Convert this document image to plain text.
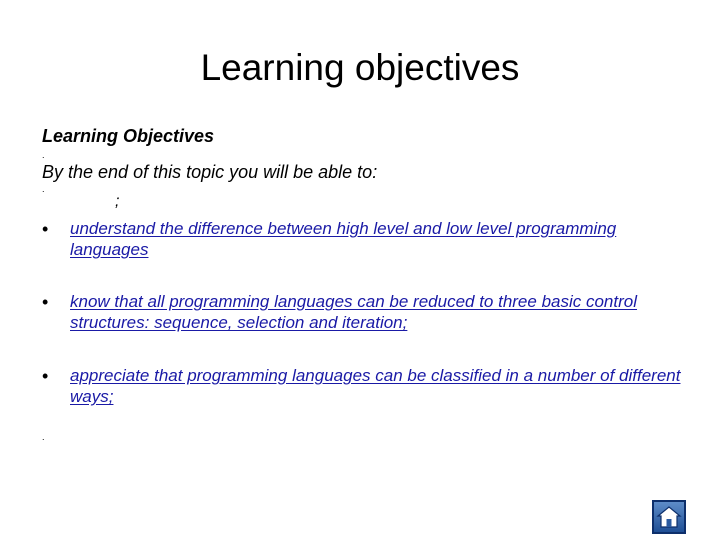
Learning objectives
Learning Objectives
.
By the end of this topic you will be able to:
.
;
• understand the difference between high level and low level programming languages
• know that all programming languages can be reduced to three basic control structures: sequence, selection and iteration;
• appreciate that programming languages can be classified in a number of different ways;
.
